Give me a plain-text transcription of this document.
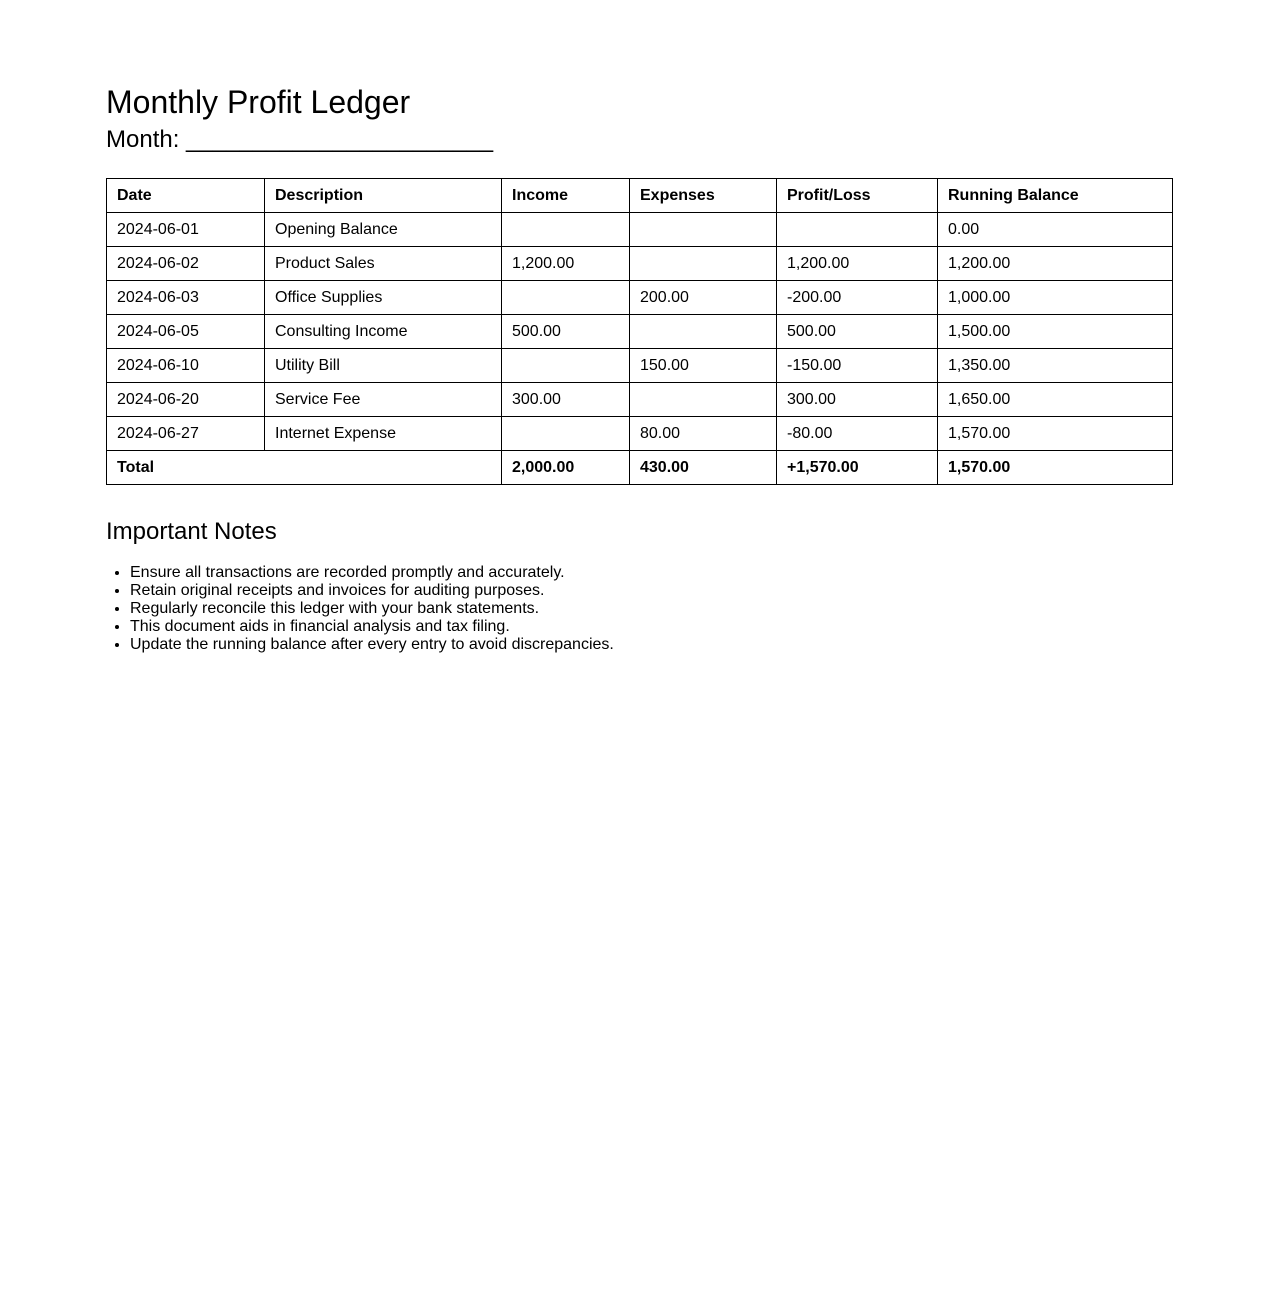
Monthly Profit Ledger
Month: _______________________
Date	Description	Income	Expenses	Profit/Loss	Running Balance
2024-06-01	Opening Balance				0.00
2024-06-02	Product Sales	1,200.00		1,200.00	1,200.00
2024-06-03	Office Supplies		200.00	-200.00	1,000.00
2024-06-05	Consulting Income	500.00		500.00	1,500.00
2024-06-10	Utility Bill		150.00	-150.00	1,350.00
2024-06-20	Service Fee	300.00		300.00	1,650.00
2024-06-27	Internet Expense		80.00	-80.00	1,570.00
Total		2,000.00	430.00	+1,570.00	1,570.00
Important Notes
• Ensure all transactions are recorded promptly and accurately.
• Retain original receipts and invoices for auditing purposes.
• Regularly reconcile this ledger with your bank statements.
• This document aids in financial analysis and tax filing.
• Update the running balance after every entry to avoid discrepancies.
